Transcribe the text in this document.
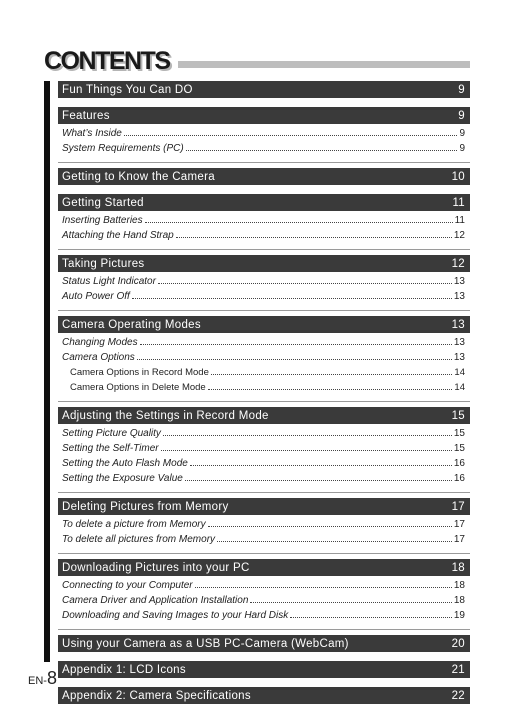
CONTENTS
Fun Things You Can DO	9
Features	9
What’s Inside	9
System Requirements (PC)	9
Getting to Know the Camera	10
Getting Started	11
Inserting Batteries	11
Attaching the Hand Strap	12
Taking Pictures	12
Status Light Indicator	13
Auto Power Off	13
Camera Operating Modes	13
Changing Modes	13
Camera Options	13
Camera Options in Record Mode	14
Camera Options in Delete Mode	14
Adjusting the Settings in Record Mode	15
Setting Picture Quality	15
Setting the Self-Timer	15
Setting the Auto Flash Mode	16
Setting the Exposure Value	16
Deleting Pictures from Memory	17
To delete a picture from Memory	17
To delete all pictures from Memory	17
Downloading Pictures into your PC	18
Connecting to your Computer	18
Camera Driver and Application Installation	18
Downloading and Saving Images to your Hard Disk	19
Using your Camera as a USB PC-Camera (WebCam)	20
Appendix 1: LCD Icons	21
Appendix 2: Camera Specifications	22
EN-8
